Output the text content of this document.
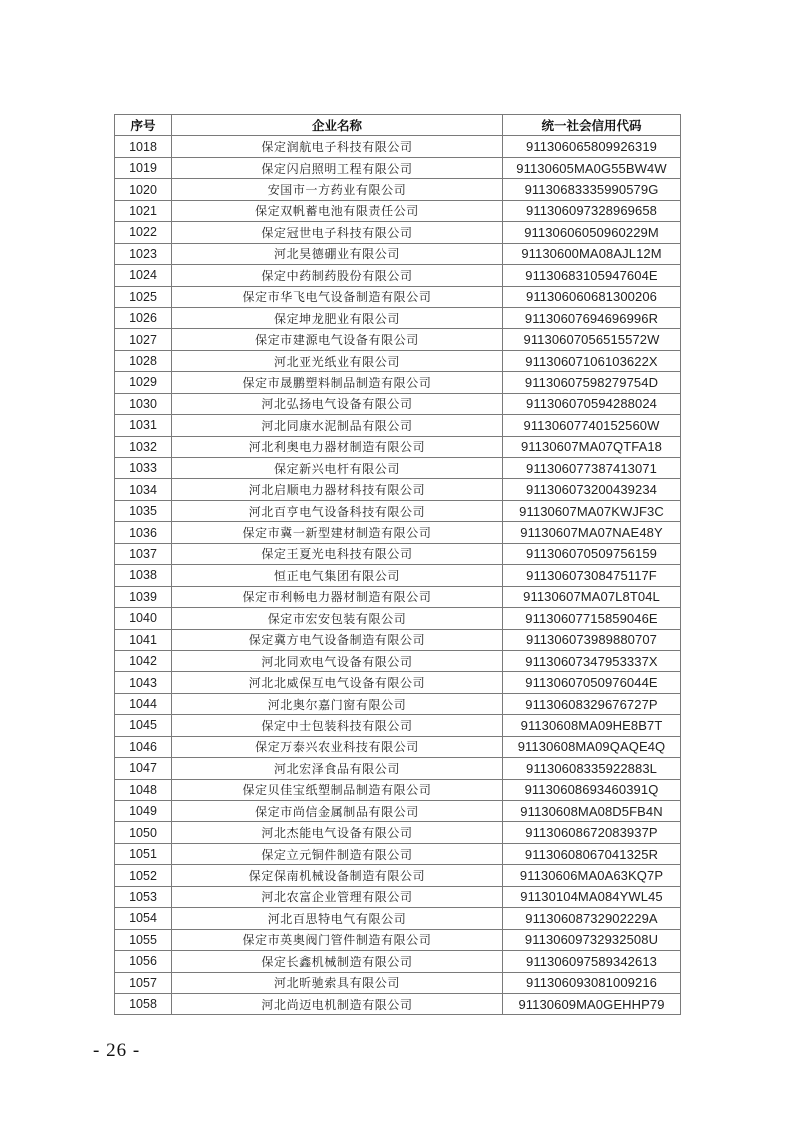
序号	企业名称	统一社会信用代码
1018	保定润航电子科技有限公司	911306065809926319
1019	保定闪启照明工程有限公司	91130605MA0G55BW4W
1020	安国市一方药业有限公司	91130683335990579G
1021	保定双帆蓄电池有限责任公司	911306097328969658
1022	保定冠世电子科技有限公司	91130606050960229M
1023	河北昊德硼业有限公司	91130600MA08AJL12M
1024	保定中药制药股份有限公司	91130683105947604E
1025	保定市华飞电气设备制造有限公司	911306060681300206
1026	保定坤龙肥业有限公司	91130607694696996R
1027	保定市建源电气设备有限公司	91130607056515572W
1028	河北亚光纸业有限公司	91130607106103622X
1029	保定市晟鹏塑料制品制造有限公司	91130607598279754D
1030	河北弘扬电气设备有限公司	911306070594288024
1031	河北同康水泥制品有限公司	91130607740152560W
1032	河北利奥电力器材制造有限公司	91130607MA07QTFA18
1033	保定新兴电杆有限公司	911306077387413071
1034	河北启顺电力器材科技有限公司	911306073200439234
1035	河北百亨电气设备科技有限公司	91130607MA07KWJF3C
1036	保定市冀一新型建材制造有限公司	91130607MA07NAE48Y
1037	保定王夏光电科技有限公司	911306070509756159
1038	恒正电气集团有限公司	91130607308475117F
1039	保定市利畅电力器材制造有限公司	91130607MA07L8T04L
1040	保定市宏安包装有限公司	91130607715859046E
1041	保定冀方电气设备制造有限公司	911306073989880707
1042	河北同欢电气设备有限公司	91130607347953337X
1043	河北北威保互电气设备有限公司	91130607050976044E
1044	河北奥尔嘉门窗有限公司	91130608329676727P
1045	保定中士包装科技有限公司	91130608MA09HE8B7T
1046	保定万泰兴农业科技有限公司	91130608MA09QAQE4Q
1047	河北宏泽食品有限公司	91130608335922883L
1048	保定贝佳宝纸塑制品制造有限公司	91130608693460391Q
1049	保定市尚信金属制品有限公司	91130608MA08D5FB4N
1050	河北杰能电气设备有限公司	91130608672083937P
1051	保定立元铜件制造有限公司	91130608067041325R
1052	保定保南机械设备制造有限公司	91130606MA0A63KQ7P
1053	河北农富企业管理有限公司	91130104MA084YWL45
1054	河北百思特电气有限公司	91130608732902229A
1055	保定市英奥阀门管件制造有限公司	91130609732932508U
1056	保定长鑫机械制造有限公司	911306097589342613
1057	河北昕驰索具有限公司	911306093081009216
1058	河北尚迈电机制造有限公司	91130609MA0GEHHP79
- 26 -
